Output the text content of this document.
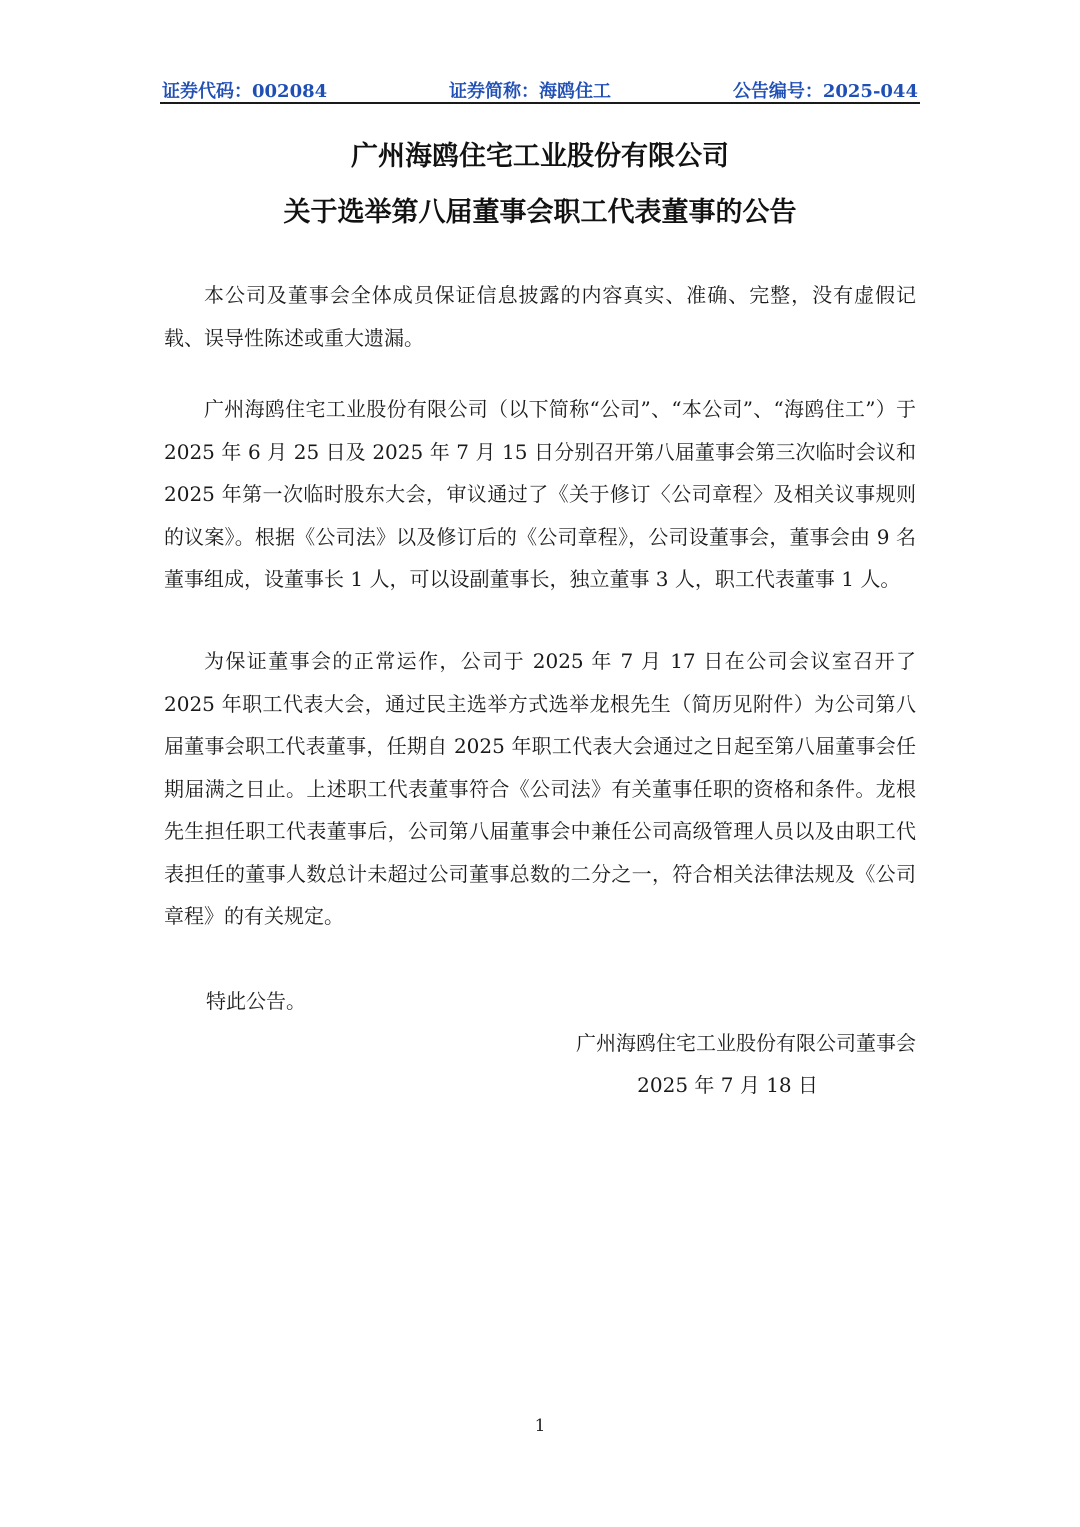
证券代码：002084	证券简称：海鸥住工	公告编号：2025-044
广州海鸥住宅工业股份有限公司
关于选举第八届董事会职工代表董事的公告

本公司及董事会全体成员保证信息披露的内容真实、准确、完整，没有虚假记载、误导性陈述或重大遗漏。

广州海鸥住宅工业股份有限公司（以下简称“公司”、“本公司”、“海鸥住工”）于 2025 年 6 月 25 日及 2025 年 7 月 15 日分别召开第八届董事会第三次临时会议和 2025 年第一次临时股东大会，审议通过了《关于修订〈公司章程〉及相关议事规则的议案》。根据《公司法》以及修订后的《公司章程》，公司设董事会，董事会由 9 名董事组成，设董事长 1 人，可以设副董事长，独立董事 3 人，职工代表董事 1 人。

为保证董事会的正常运作，公司于 2025 年 7 月 17 日在公司会议室召开了 2025 年职工代表大会，通过民主选举方式选举龙根先生（简历见附件）为公司第八届董事会职工代表董事，任期自 2025 年职工代表大会通过之日起至第八届董事会任期届满之日止。上述职工代表董事符合《公司法》有关董事任职的资格和条件。龙根先生担任职工代表董事后，公司第八届董事会中兼任公司高级管理人员以及由职工代表担任的董事人数总计未超过公司董事总数的二分之一，符合相关法律法规及《公司章程》的有关规定。

特此公告。
广州海鸥住宅工业股份有限公司董事会
2025 年 7 月 18 日
1
